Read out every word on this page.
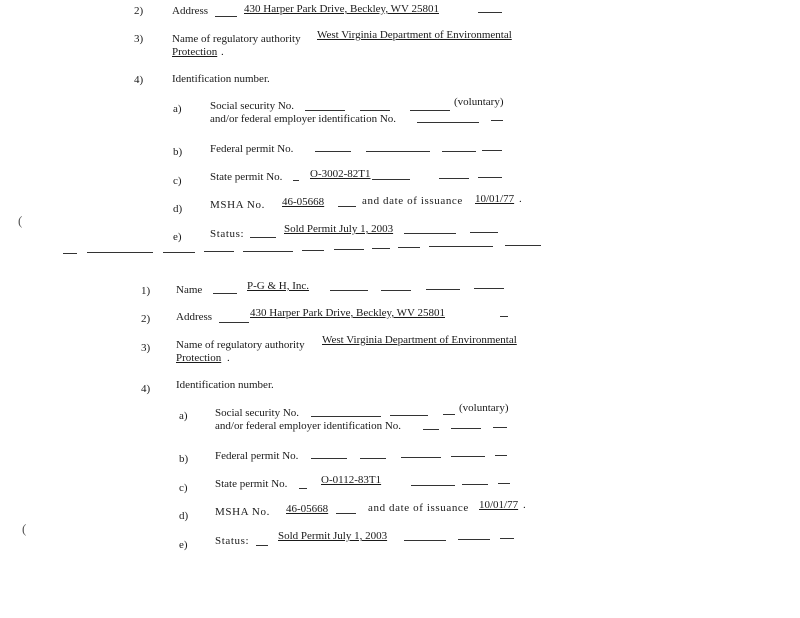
2)	Address	430 Harper Park Drive, Beckley, WV 25801
3)	Name of regulatory authority West Virginia Department of Environmental
Protection .
4)	Identification number.
a)	Social security No.	(voluntary)
and/or federal employer identification No.
b)	Federal permit No.
c)	State permit No.	O-3002-82T1
d)	MSHA No. 46-05668	and date of issuance 10/01/77 .
e)	Status:	Sold Permit July 1, 2003
(
1) Name	P-G & H, Inc.
2) Address	430 Harper Park Drive, Beckley, WV 25801
3) Name of regulatory authority West Virginia Department of Environmental
Protection .
4) Identification number.
a) Social security No.	(voluntary)
and/or federal employer identification No.
b) Federal permit No.
c) State permit No.	O-0112-83T1
d) MSHA No. 46-05668	and date of issuance 10/01/77 .
e) Status:	Sold Permit July 1, 2003
(
